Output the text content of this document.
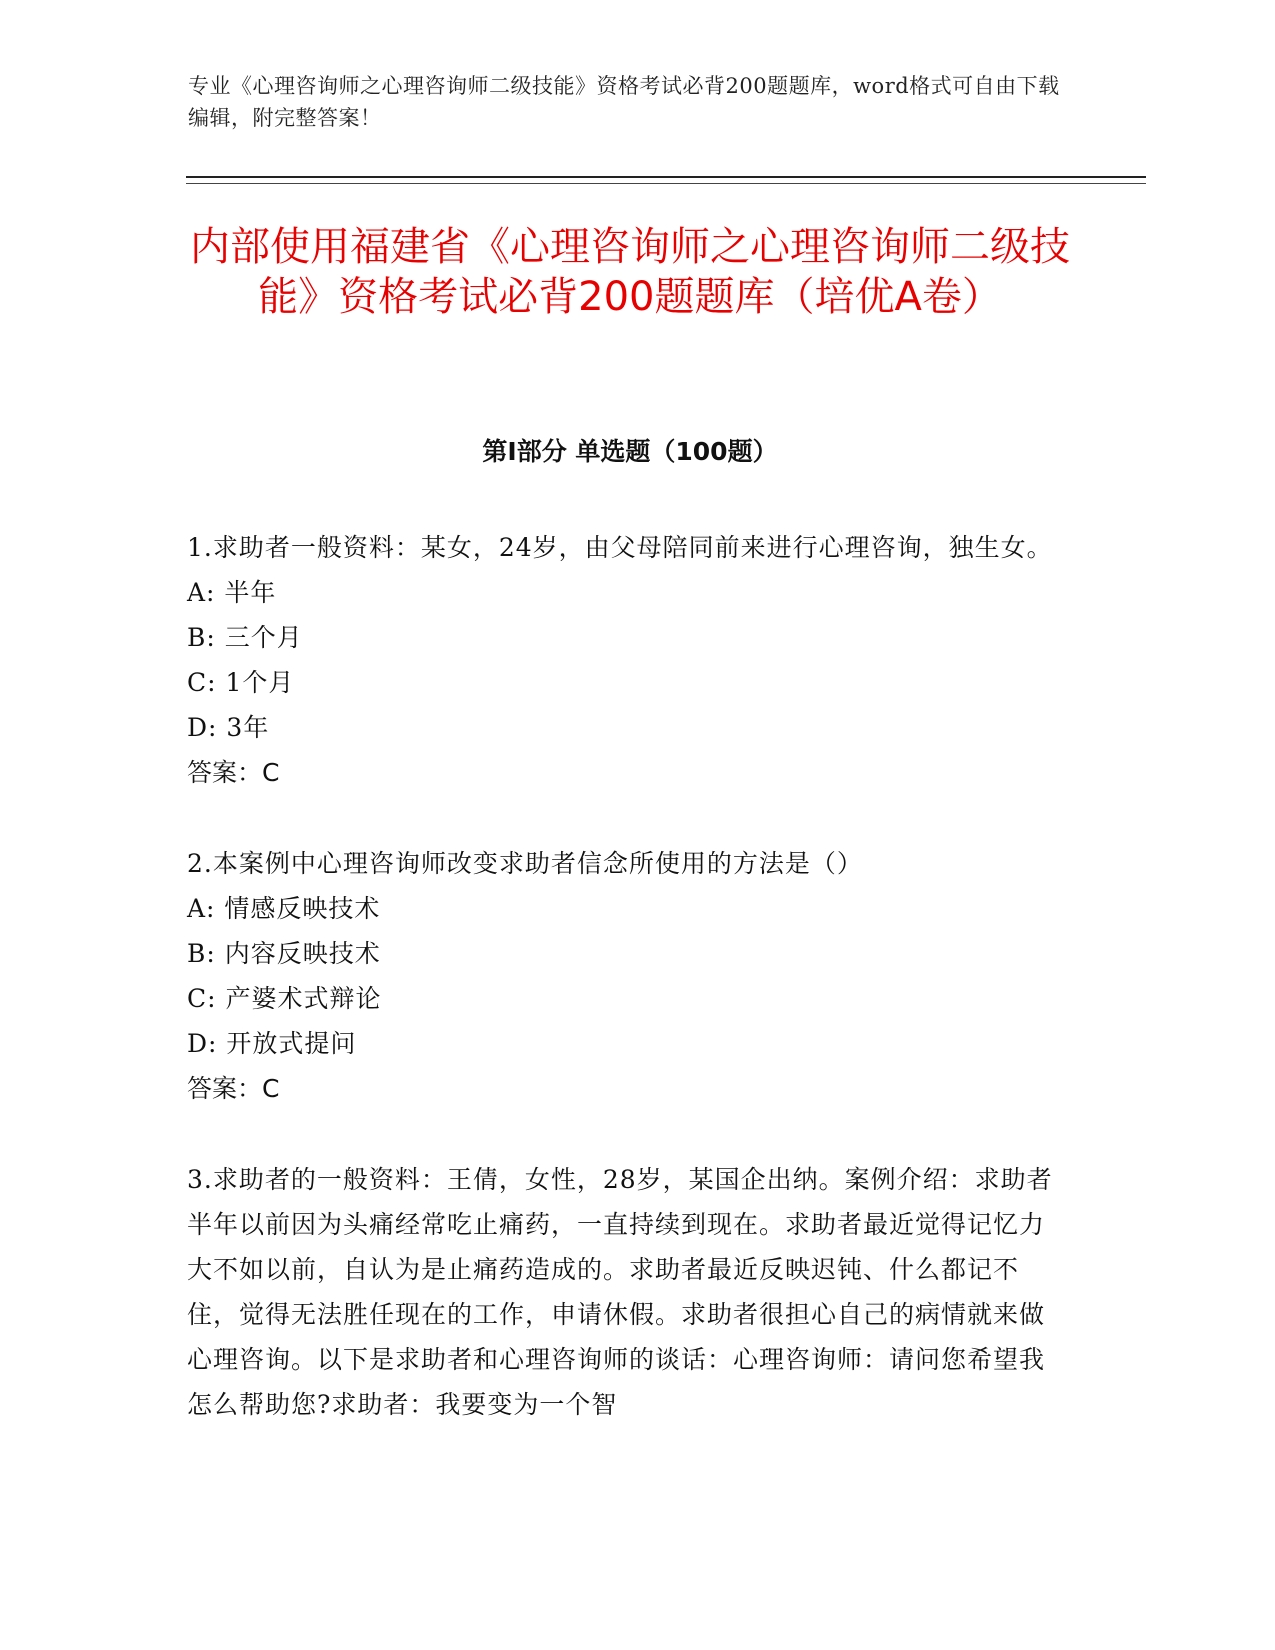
专业《心理咨询师之心理咨询师二级技能》资格考试必背200题题库，word格式可自由下载编辑，附完整答案！
内部使用福建省《心理咨询师之心理咨询师二级技能》资格考试必背200题题库（培优A卷）
第Ⅰ部分 单选题（100题）

1.求助者一般资料：某女，24岁，由父母陪同前来进行心理咨询，独生女。

A: 半年

B: 三个月

C: 1个月

D: 3年

答案：C

2.本案例中心理咨询师改变求助者信念所使用的方法是（）

A: 情感反映技术

B: 内容反映技术

C: 产婆术式辩论

D: 开放式提问

答案：C

3.求助者的一般资料：王倩，女性，28岁，某国企出纳。案例介绍：求助者半年以前因为头痛经常吃止痛药，一直持续到现在。求助者最近觉得记忆力大不如以前，自认为是止痛药造成的。求助者最近反映迟钝、什么都记不住，觉得无法胜任现在的工作，申请休假。求助者很担心自己的病情就来做心理咨询。以下是求助者和心理咨询师的谈话：心理咨询师：请问您希望我怎么帮助您?求助者：我要变为一个智
